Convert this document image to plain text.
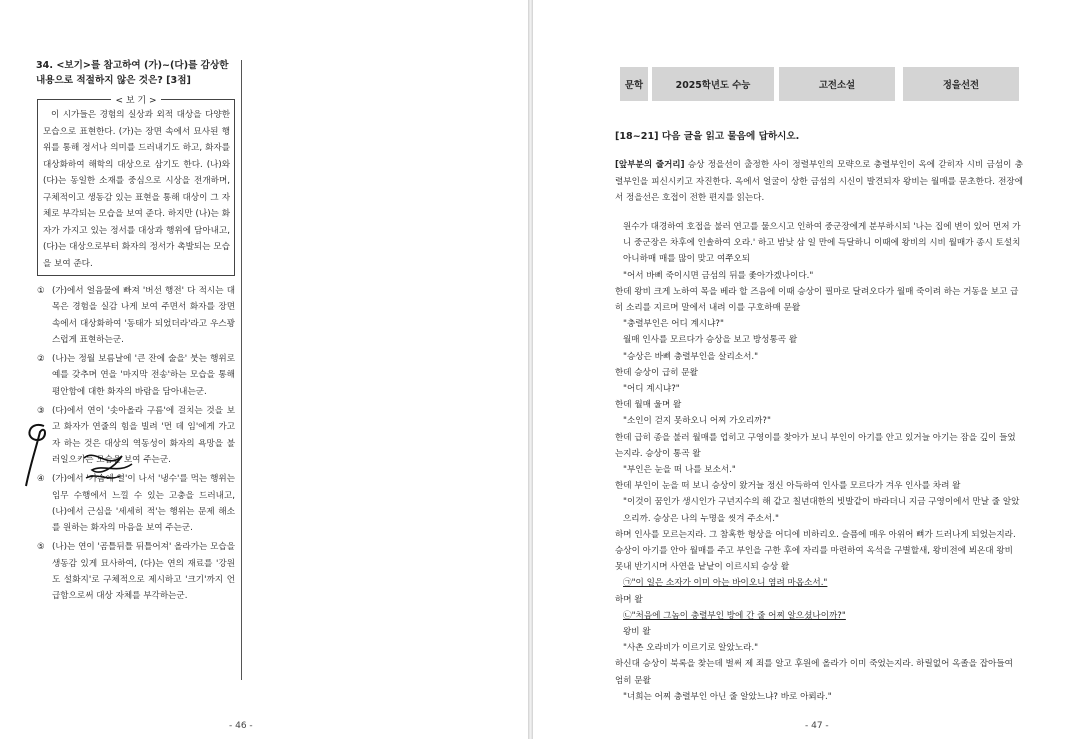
34. <보기>를 참고하여 (가)~(다)를 감상한 내용으로 적절하지 않은 것은? [3점]
< 보 기 >

이 시가들은 경험의 실상과 외적 대상을 다양한 모습으로 표현한다. (가)는 장면 속에서 묘사된 행위를 통해 정서나 의미를 드러내기도 하고, 화자를 대상화하여 해학의 대상으로 삼기도 한다. (나)와 (다)는 동일한 소재를 중심으로 시상을 전개하며, 구체적이고 생동감 있는 표현을 통해 대상이 그 자체로 부각되는 모습을 보여 준다. 하지만 (나)는 화자가 가지고 있는 정서를 대상과 행위에 담아내고, (다)는 대상으로부터 화자의 정서가 촉발되는 모습을 보여 준다.

① (가)에서 얼음물에 빠져 '버선 행전' 다 적시는 대목은 경험을 실감 나게 보여 주면서 화자를 장면 속에서 대상화하여 '동태가 되었더라'라고 우스꽝스럽게 표현하는군.
② (나)는 정월 보름날에 '큰 잔에 술을' 붓는 행위로 예를 갖추며 연을 '마지막 전송'하는 모습을 통해 평안함에 대한 화자의 바람을 담아내는군.
③ (다)에서 연이 '솟아올라 구름'에 걸치는 것을 보고 화자가 연줄의 힘을 빌려 '먼 데 임'에게 가고자 하는 것은 대상의 역동성이 화자의 욕망을 불러일으키는 모습을 보여 주는군.
④ (가)에서 '가슴에 열'이 나서 '냉수'를 먹는 행위는 임무 수행에서 느낄 수 있는 고충을 드러내고, (나)에서 근심을 '세세히 적'는 행위는 문제 해소를 원하는 화자의 마음을 보여 주는군.
⑤ (나)는 연이 '곰틀뒤틀 뒤틀어져' 올라가는 모습을 생동감 있게 묘사하여, (다)는 연의 재료를 '강원도 설화지'로 구체적으로 제시하고 '크기'까지 언급함으로써 대상 자체를 부각하는군.
- 46 -
문학	2025학년도 수능	고전소설	정을선전
[18~21] 다음 글을 읽고 물음에 답하시오.
[앞부분의 줄거리] 승상 정을선이 출정한 사이 정렬부인의 모략으로 충렬부인이 옥에 갇히자 시비 금섬이 충렬부인을 피신시키고 자진한다. 옥에서 얼굴이 상한 금섬의 시신이 발견되자 왕비는 월매를 문초한다. 전장에서 정을선은 호접이 전한 편지를 읽는다.
원수가 대경하여 호접을 불러 연고를 물으시고 인하여 중군장에게 분부하시되 '나는 집에 변이 있어 먼저 가니 중군장은 차후에 인솔하여 오라.' 하고 밤낮 삼 일 만에 득달하니 이때에 왕비의 시비 월매가 종시 토설치 아니하매 매를 많이 맞고 여쭈오되
"어서 바삐 죽이시면 금섬의 뒤를 좇아가겠나이다."
한데 왕비 크게 노하여 목을 베라 할 즈음에 이때 승상이 필마로 달려오다가 월매 죽이려 하는 거동을 보고 급히 소리를 지르며 말에서 내려 이를 구호하매 문왈
"충렬부인은 어디 계시냐?"
월매 인사를 모르다가 승상을 보고 방성통곡 왈
"승상은 바삐 충렬부인을 살리소서."
한데 승상이 급히 문왈
"어디 계시냐?"
한데 월매 울며 왈
"소인이 걷지 못하오니 어찌 가오리까?"
한데 급히 종을 불러 월매를 업히고 구영이를 찾아가 보니 부인이 아기를 안고 있거늘 아기는 잠을 깊이 들었는지라. 승상이 통곡 왈
"부인은 눈을 떠 나를 보소서."
한데 부인이 눈을 떠 보니 승상이 왔거늘 정신 아득하여 인사를 모르다가 겨우 인사를 차려 왈
"이것이 꿈인가 생시인가 구년지수의 해 같고 칠년대한의 빗발같이 바라더니 지금 구영이에서 만날 줄 알았으리까. 승상은 나의 누명을 씻겨 주소서."
하며 인사를 모르는지라. 그 참혹한 형상을 어디에 비하리오. 슬픔에 매우 아위어 뼈가 드러나게 되었는지라. 승상이 아기를 안아 월매를 주고 부인을 구한 후에 자리를 마련하여 옥석을 구별할새, 왕비전에 뵈온대 왕비 못내 반기시며 사연을 낱낱이 이르시되 승상 왈
㉠"이 일은 소자가 이미 아는 바이오니 염려 마옵소서."
하며 왈
㉡"처음에 그놈이 충렬부인 방에 간 줄 어찌 알으셨나이까?"
왕비 왈
"사촌 오라비가 이르기로 알았노라."
하신대 승상이 북록을 찾는데 벌써 제 죄를 알고 후원에 올라가 이미 죽었는지라. 하릴없어 옥졸을 잡아들여 엄히 문왈
"너희는 어찌 충렬부인 아닌 줄 알았느냐? 바로 아뢰라."
- 47 -
